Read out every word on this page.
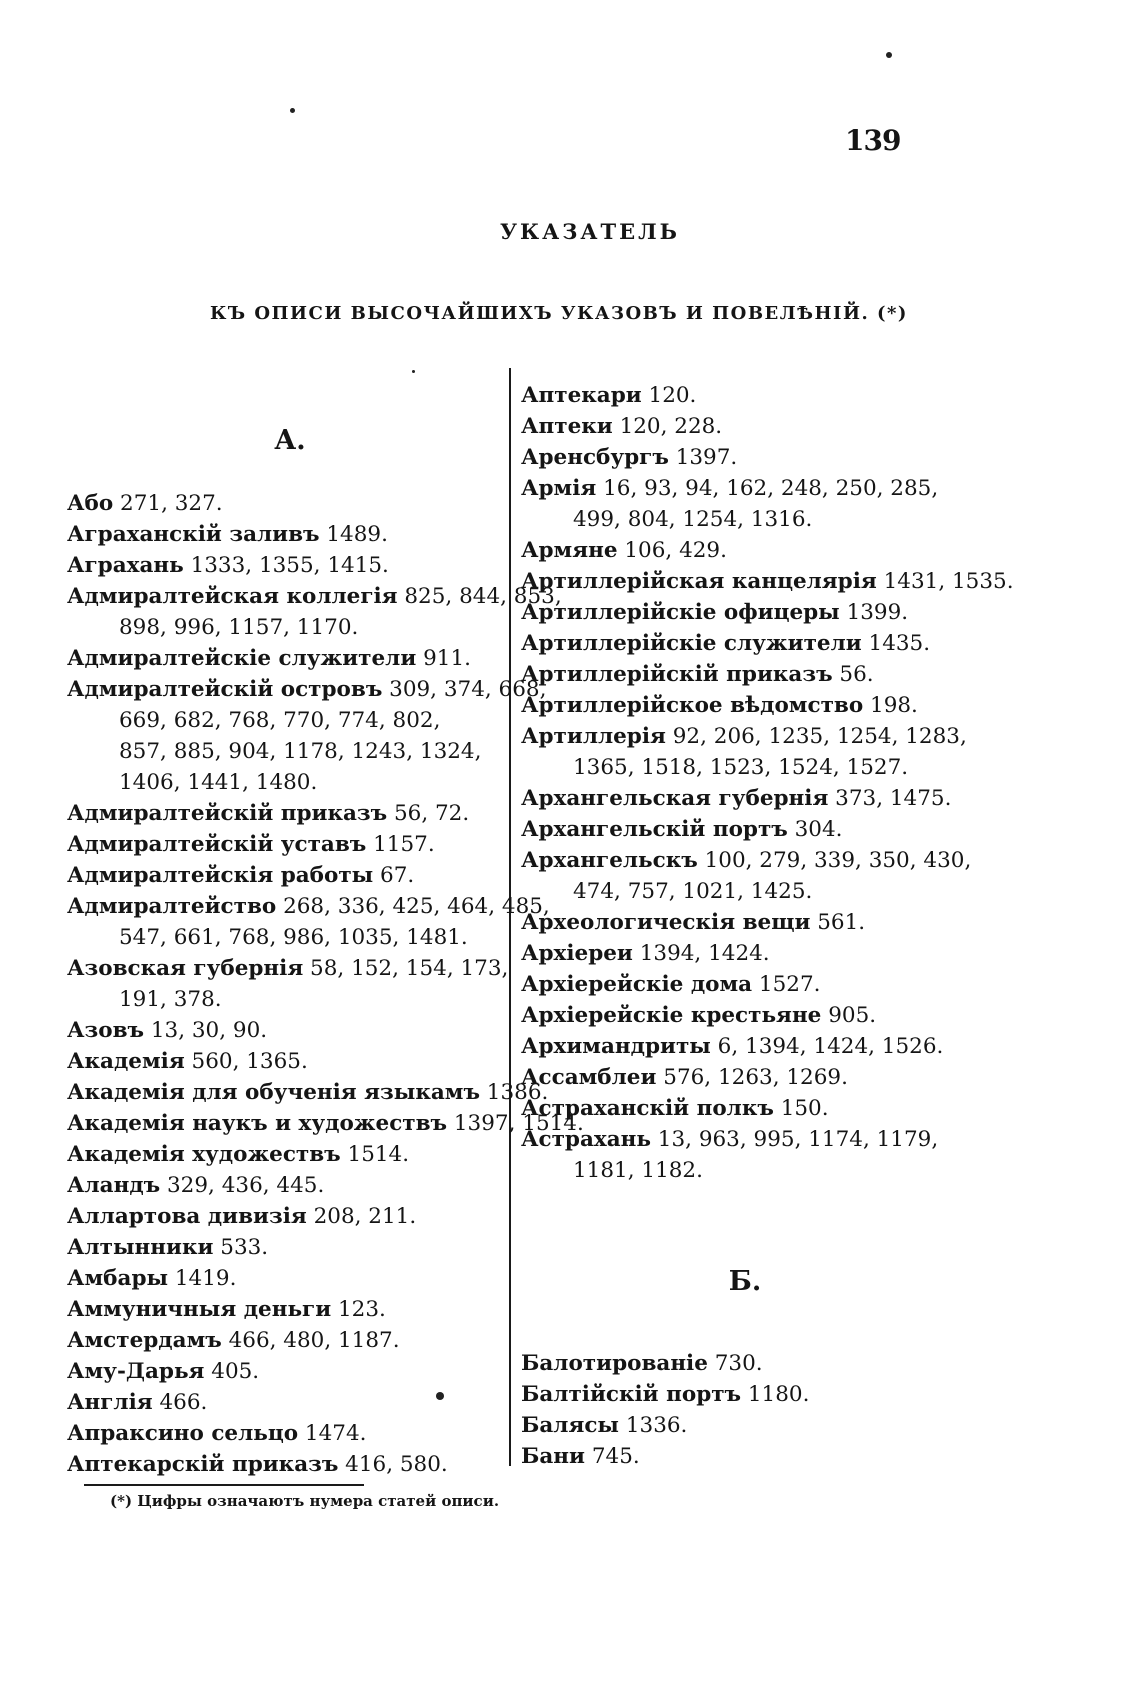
139
УКАЗАТЕЛЬ
КЪ ОПИСИ ВЫСОЧАЙШИХЪ УКАЗОВЪ И ПОВЕЛѢНІЙ. (*)
А.
Або 271, 327.
Аграханскій заливъ 1489.
Аграхань 1333, 1355, 1415.
Адмиралтейская коллегія 825, 844, 853,
898, 996, 1157, 1170.
Адмиралтейскіе служители 911.
Адмиралтейскій островъ 309, 374, 668,
669, 682, 768, 770, 774, 802,
857, 885, 904, 1178, 1243, 1324,
1406, 1441, 1480.
Адмиралтейскій приказъ 56, 72.
Адмиралтейскій уставъ 1157.
Адмиралтейскія работы 67.
Адмиралтейство 268, 336, 425, 464, 485,
547, 661, 768, 986, 1035, 1481.
Азовская губернія 58, 152, 154, 173,
191, 378.
Азовъ 13, 30, 90.
Академія 560, 1365.
Академія для обученія языкамъ 1386.
Академія наукъ и художествъ 1397, 1514.
Академія художествъ 1514.
Аландъ 329, 436, 445.
Аллартова дивизія 208, 211.
Алтынники 533.
Амбары 1419.
Аммуничныя деньги 123.
Амстердамъ 466, 480, 1187.
Аму-Дарья 405.
Англія 466.
Апраксино сельцо 1474.
Аптекарскій приказъ 416, 580.
Аптекари 120.
Аптеки 120, 228.
Аренсбургъ 1397.
Армія 16, 93, 94, 162, 248, 250, 285,
499, 804, 1254, 1316.
Армяне 106, 429.
Артиллерійская канцелярія 1431, 1535.
Артиллерійскіе офицеры 1399.
Артиллерійскіе служители 1435.
Артиллерійскій приказъ 56.
Артиллерійское вѣдомство 198.
Артиллерія 92, 206, 1235, 1254, 1283,
1365, 1518, 1523, 1524, 1527.
Архангельская губернія 373, 1475.
Архангельскій портъ 304.
Архангельскъ 100, 279, 339, 350, 430,
474, 757, 1021, 1425.
Археологическія вещи 561.
Архіереи 1394, 1424.
Архіерейскіе дома 1527.
Архіерейскіе крестьяне 905.
Архимандриты 6, 1394, 1424, 1526.
Ассамблеи 576, 1263, 1269.
Астраханскій полкъ 150.
Астрахань 13, 963, 995, 1174, 1179,
1181, 1182.
Б.
Балотированіе 730.
Балтійскій портъ 1180.
Балясы 1336.
Бани 745.
(*) Цифры означаютъ нумера статей описи.
